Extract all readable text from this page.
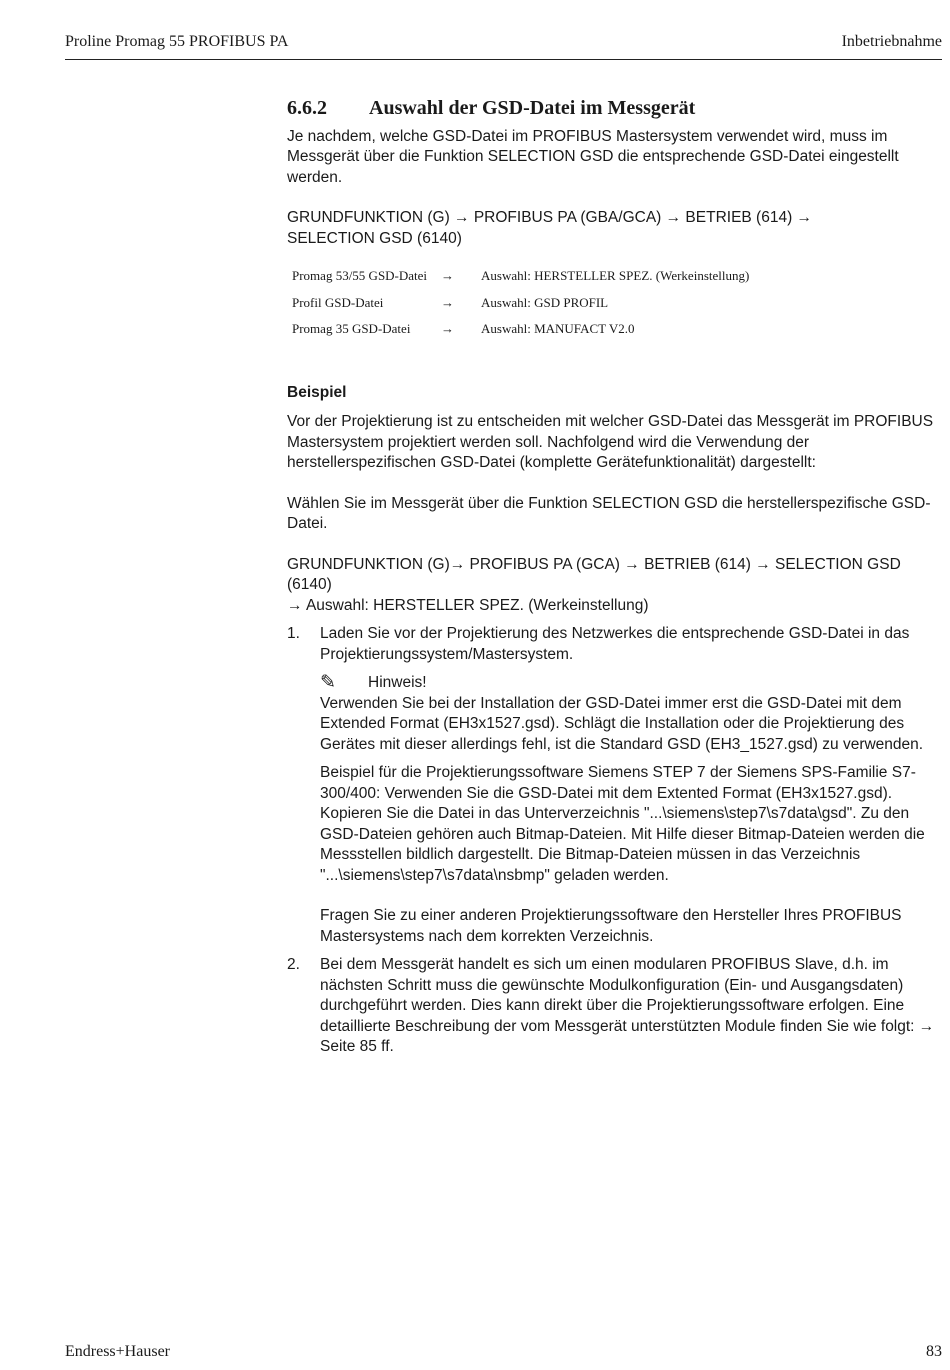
Proline Promag 55 PROFIBUS PA	Inbetriebnahme
6.6.2 Auswahl der GSD-Datei im Messgerät

Je nachdem, welche GSD-Datei im PROFIBUS Mastersystem verwendet wird, muss im Messgerät über die Funktion SELECTION GSD die entsprechende GSD-Datei eingestellt werden.

GRUNDFUNKTION (G) → PROFIBUS PA (GBA/GCA) → BETRIEB (614) →
SELECTION GSD (6140)
Promag 53/55 GSD-Datei	→	Auswahl: HERSTELLER SPEZ. (Werkeinstellung)
Profil GSD-Datei	→	Auswahl: GSD PROFIL
Promag 35 GSD-Datei	→	Auswahl: MANUFACT V2.0
Beispiel

Vor der Projektierung ist zu entscheiden mit welcher GSD-Datei das Messgerät im PROFIBUS Mastersystem projektiert werden soll. Nachfolgend wird die Verwendung der herstellerspezifischen GSD-Datei (komplette Gerätefunktionalität) dargestellt:

Wählen Sie im Messgerät über die Funktion SELECTION GSD die herstellerspezifische GSD-Datei.

GRUNDFUNKTION (G)→ PROFIBUS PA (GCA) → BETRIEB (614) → SELECTION GSD (6140)
→ Auswahl: HERSTELLER SPEZ. (Werkeinstellung)
1.	Laden Sie vor der Projektierung des Netzwerkes die entsprechende GSD-Datei in das Projektierungssystem/Mastersystem.

✎	Hinweis!

Verwenden Sie bei der Installation der GSD-Datei immer erst die GSD-Datei mit dem Extended Format (EH3x1527.gsd). Schlägt die Installation oder die Projektierung des Gerätes mit dieser allerdings fehl, ist die Standard GSD (EH3_1527.gsd) zu verwenden.

Beispiel für die Projektierungssoftware Siemens STEP 7 der Siemens SPS-Familie S7-300/400: Verwenden Sie die GSD-Datei mit dem Extented Format (EH3x1527.gsd). Kopieren Sie die Datei in das Unterverzeichnis "...\siemens\step7\s7data\gsd". Zu den GSD-Dateien gehören auch Bitmap-Dateien. Mit Hilfe dieser Bitmap-Dateien werden die Messstellen bildlich dargestellt. Die Bitmap-Dateien müssen in das Verzeichnis "...\siemens\step7\s7data\nsbmp" geladen werden.

Fragen Sie zu einer anderen Projektierungssoftware den Hersteller Ihres PROFIBUS Mastersystems nach dem korrekten Verzeichnis.

2.	Bei dem Messgerät handelt es sich um einen modularen PROFIBUS Slave, d.h. im nächsten Schritt muss die gewünschte Modulkonfiguration (Ein- und Ausgangsdaten) durchgeführt werden. Dies kann direkt über die Projektierungssoftware erfolgen. Eine detaillierte Beschreibung der vom Messgerät unterstützten Module finden Sie wie folgt: → Seite 85 ff.

Endress+Hauser	83
